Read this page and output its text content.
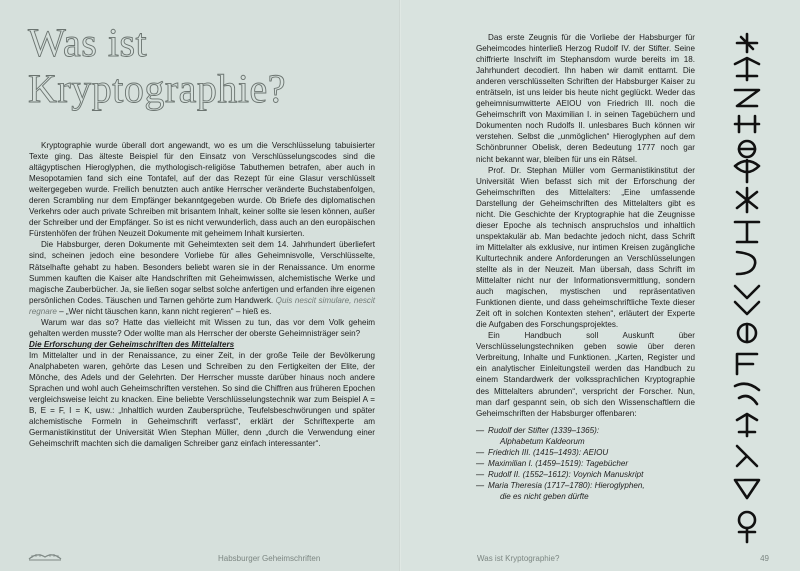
Was ist
Kryptographie?

Kryptographie wurde überall dort angewandt, wo es um die Verschlüsselung tabuisierter Texte ging. Das älteste Beispiel für den Einsatz von Verschlüsselungscodes sind die altägyptischen Hieroglyphen, die mythologisch-religiöse Tabuthemen betrafen, aber auch in Mesopotamien fand sich eine Tontafel, auf der das Rezept für eine Glasur verschlüsselt weitergegeben wurde. Freilich benutzten auch antike Herrscher veränderte Buchstabenfolgen, deren Scrambling nur dem Empfänger bekanntgegeben wurde. Ob Briefe des diplomatischen Verkehrs oder auch private Schreiben mit brisantem Inhalt, keiner sollte sie lesen können, außer der Schreiber und der Empfänger. So ist es nicht verwunderlich, dass auch an den europäischen Fürstenhöfen der frühen Neuzeit Dokumente mit geheimem Inhalt kursierten.

Die Habsburger, deren Dokumente mit Geheimtexten seit dem 14. Jahrhundert überliefert sind, scheinen jedoch eine besondere Vorliebe für alles Geheimnisvolle, Verschlüsselte, Rätselhafte gehabt zu haben. Besonders beliebt waren sie in der Renaissance. Um enorme Summen kauften die Kaiser alte Handschriften mit Geheimwissen, alchemistische Werke und magische Zauberbücher. Ja, sie ließen sogar selbst solche anfertigen und erfanden ihre eigenen persönlichen Codes. Täuschen und Tarnen gehörte zum Handwerk. Quis nescit simulare, nescit regnare – „Wer nicht täuschen kann, kann nicht regieren“ – hieß es.

Warum war das so? Hatte das vielleicht mit Wissen zu tun, das vor dem Volk geheim gehalten werden musste? Oder wollte man als Herrscher der oberste Geheimnisträger sein?

Die Erforschung der Geheimschriften des Mittelalters

Im Mittelalter und in der Renaissance, zu einer Zeit, in der große Teile der Bevölkerung Analphabeten waren, gehörte das Lesen und Schreiben zu den Fertigkeiten der Elite, der Mönche, des Adels und der Gelehrten. Der Herrscher musste darüber hinaus noch andere Sprachen und wohl auch Geheimschriften verstehen. So sind die Chiffren aus früheren Epochen vergleichsweise leicht zu knacken. Eine beliebte Verschlüsselungstechnik war zum Beispiel A = B, E = F, I = K, usw.: „Inhaltlich wurden Zaubersprüche, Teufelsbeschwörungen und später alchemistische Formeln in Geheimschrift verfasst“, erklärt der Schriftexperte am Germanistikinstitut der Universität Wien Stephan Müller, denn „durch die Verwendung einer Geheimschrift machten sich die damaligen Schreiber ganz einfach interessanter“.

Habsburger Geheimschriften

Das erste Zeugnis für die Vorliebe der Habsburger für Geheimcodes hinterließ Herzog Rudolf IV. der Stifter. Seine chiffrierte Inschrift im Stephansdom wurde bereits im 18. Jahrhundert decodiert. Ihn haben wir damit enttarnt. Die anderen verschlüsselten Schriften der Habsburger Kaiser zu enträtseln, ist uns leider bis heute nicht geglückt. Weder das geheimnisumwitterte AEIOU von Friedrich III. noch die Geheimschrift von Maximilian I. in seinen Tagebüchern und Dokumenten noch Rudolfs II. unlesbares Buch können wir verstehen. Selbst die „unmöglichen“ Hieroglyphen auf dem Schönbrunner Obelisk, deren Bedeutung 1777 noch gar nicht bekannt war, bleiben für uns ein Rätsel.

Prof. Dr. Stephan Müller vom Germanistikinstitut der Universität Wien befasst sich mit der Erforschung der Geheimschriften des Mittelalters: „Eine umfassende Darstellung der Geheimschriften des Mittelalters gibt es nicht. Die Geschichte der Kryptographie hat die Zeugnisse dieser Epoche als technisch anspruchslos und inhaltlich unspektakulär ab. Man bedachte jedoch nicht, dass Schrift im Mittelalter als exklusive, nur intimen Kreisen zugängliche Kulturtechnik andere Anforderungen an Verschlüsselungen stellte als in der Neuzeit. Man übersah, dass Schrift im Mittelalter nicht nur der Informationsvermittlung, sondern auch magischen, mystischen und repräsentativen Funktionen diente, und dass geheimschriftliche Texte dieser Zeit oft in solchen Kontexten stehen“, erläutert der Experte die Aufgaben des Forschungsprojektes.

Ein Handbuch soll Auskunft über Verschlüsselungstechniken geben sowie über deren Verbreitung, Inhalte und Funktionen. „Karten, Register und ein analytischer Einleitungsteil werden das Handbuch zu einem Standardwerk der volkssprachlichen Kryptographie des Mittelalters abrunden“, verspricht der Forscher. Nun, man darf gespannt sein, ob sich den Wissenschaftlern die Geheimschriften der Habsburger offenbaren:

— Rudolf der Stifter (1339–1365):
Alphabetum Kaldeorum
— Friedrich III. (1415–1493): AEIOU
— Maximilian I. (1459–1519): Tagebücher
— Rudolf II. (1552–1612): Voynich Manuskript
— Maria Theresia (1717–1780): Hieroglyphen,
die es nicht geben dürfte
Was ist Kryptographie?	49
